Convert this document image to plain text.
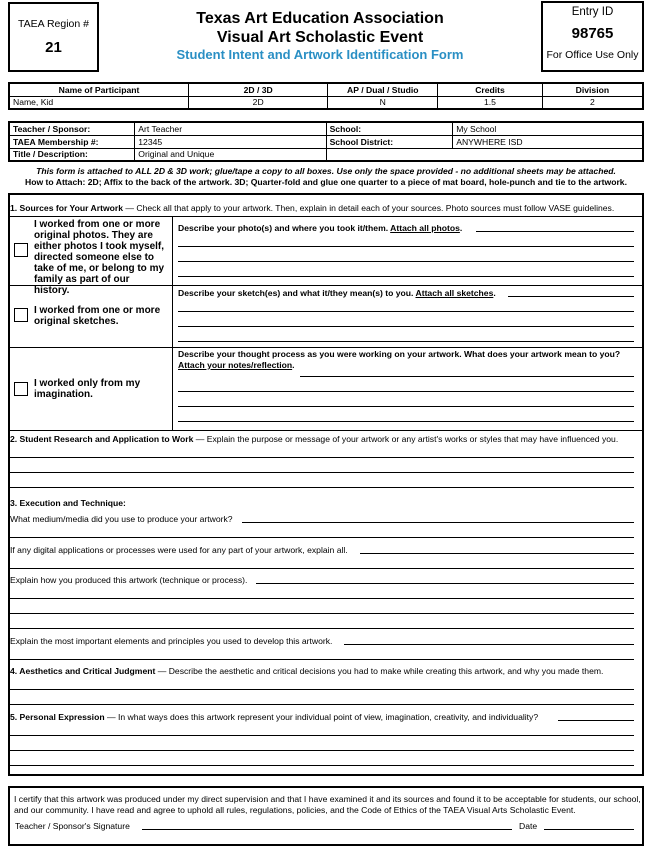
TAEA Region #
21
Texas Art Education Association
Visual Art Scholastic Event
Student Intent and Artwork Identification Form
Entry ID
98765
For Office Use Only
Name of Participant	2D / 3D	AP / Dual / Studio	Credits	Division
Name, Kid	2D	N	1.5	2
Teacher / Sponsor:	Art Teacher	School:	My School
TAEA Membership #:	12345	School District:	ANYWHERE ISD
Title / Description:	Original and Unique		
This form is attached to ALL 2D & 3D work; glue/tape a copy to all boxes. Use only the space provided - no additional sheets may be attached.
How to Attach: 2D; Affix to the back of the artwork. 3D; Quarter-fold and glue one quarter to a piece of mat board, hole-punch and tie to the artwork.
1. Sources for Your Artwork — Check all that apply to your artwork. Then, explain in detail each of your sources. Photo sources must follow VASE guidelines.
I worked from one or more original photos. They are either photos I took myself, directed someone else to take of me, or belong to my family as part of our history.
Describe your photo(s) and where you took it/them. Attach all photos.
I worked from one or more original sketches.
Describe your sketch(es) and what it/they mean(s) to you. Attach all sketches.
I worked only from my imagination.
Describe your thought process as you were working on your artwork. What does your artwork mean to you?
Attach your notes/reflection.
2. Student Research and Application to Work — Explain the purpose or message of your artwork or any artist's works or styles that may have influenced you.
3. Execution and Technique:
What medium/media did you use to produce your artwork?
If any digital applications or processes were used for any part of your artwork, explain all.
Explain how you produced this artwork (technique or process).
Explain the most important elements and principles you used to develop this artwork.
4. Aesthetics and Critical Judgment — Describe the aesthetic and critical decisions you had to make while creating this artwork, and why you made them.
5. Personal Expression — In what ways does this artwork represent your individual point of view, imagination, creativity, and individuality?

I certify that this artwork was produced under my direct supervision and that I have examined it and its sources and found it to be acceptable for students, our school, and our community. I have read and agree to uphold all rules, regulations, policies, and the Code of Ethics of the TAEA Visual Arts Scholastic Event.

Teacher / Sponsor's Signature	Date
